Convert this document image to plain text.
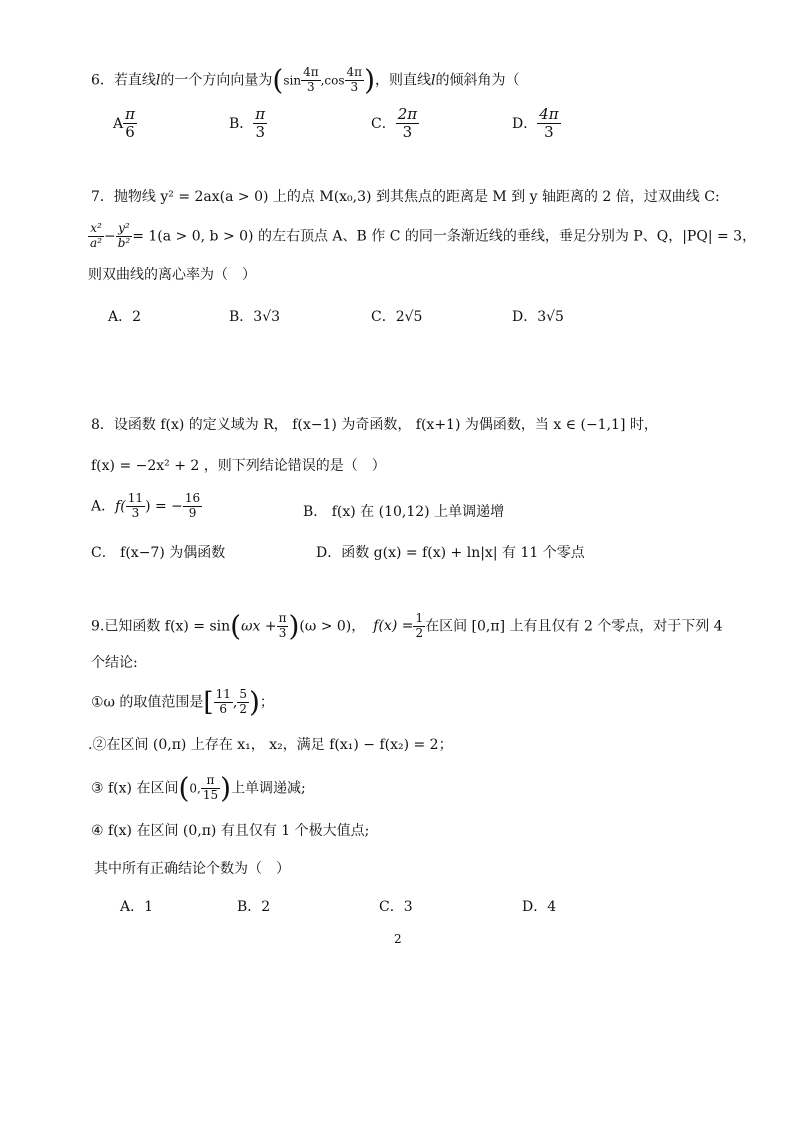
6．若直线l的一个方向向量为($\sin \frac{4\pi}{3} ,\cos \frac{4\pi}{3}$ )，则直线l的倾斜角为（
A $\frac{\pi}{6}$	B． $\frac{\pi}{3}$	C． $\frac{2\pi}{3}$	D． $\frac{4\pi}{3}$
7．抛物线 y² = 2ax(a > 0) 上的点 M(x₀,3) 到其焦点的距离是 M 到 y 轴距离的 2 倍，过双曲线 C:
$\frac{\text{x²}}{\text{a²}} - \frac{\text{y²}}{\text{b²}} = 1(a > 0$, b > 0) 的左右顶点 A、B 作 C 的同一条渐近线的垂线，垂足分别为 P、Q，|PQ| = 3，
则双曲线的离心率为（　）
A．2	B．3√3	C．2√5	D．3√5
8．设函数 f(x) 的定义域为 R， f(x−1) 为奇函数， f(x+1) 为偶函数，当 x ∈ (−1,1] 时，
f(x) = −2x² + 2 ，则下列结论错误的是（　）
A．$f( \frac{11}{3}$ ) = − $\frac{16}{9}$	B． f(x) 在 (10,12) 上单调递增
C． f(x−7) 为偶函数	D．函数 g(x) = f(x) + ln|x| 有 11 个零点
9.已知函数 $f(x) = \sin(\omega x + \frac{\pi}{3} )(\omega > 0)$， $f(x) = \frac{1}{2}$ 在区间 [0,π] 上有且仅有 2 个零点，对于下列 4
个结论:
①ω 的取值范围是[ $\frac{11}{6}$ , $\frac{5}{2}$ )；
.②在区间 (0,π) 上存在 x₁， x₂，满足 f(x₁) − f(x₂) = 2；
③ f(x) 在区间(0, $\frac{\pi}{15}$ )上单调递减;
④ f(x) 在区间 (0,π) 有且仅有 1 个极大值点;
其中所有正确结论个数为（　）
A．1	B．2	C．3	D．4
2
